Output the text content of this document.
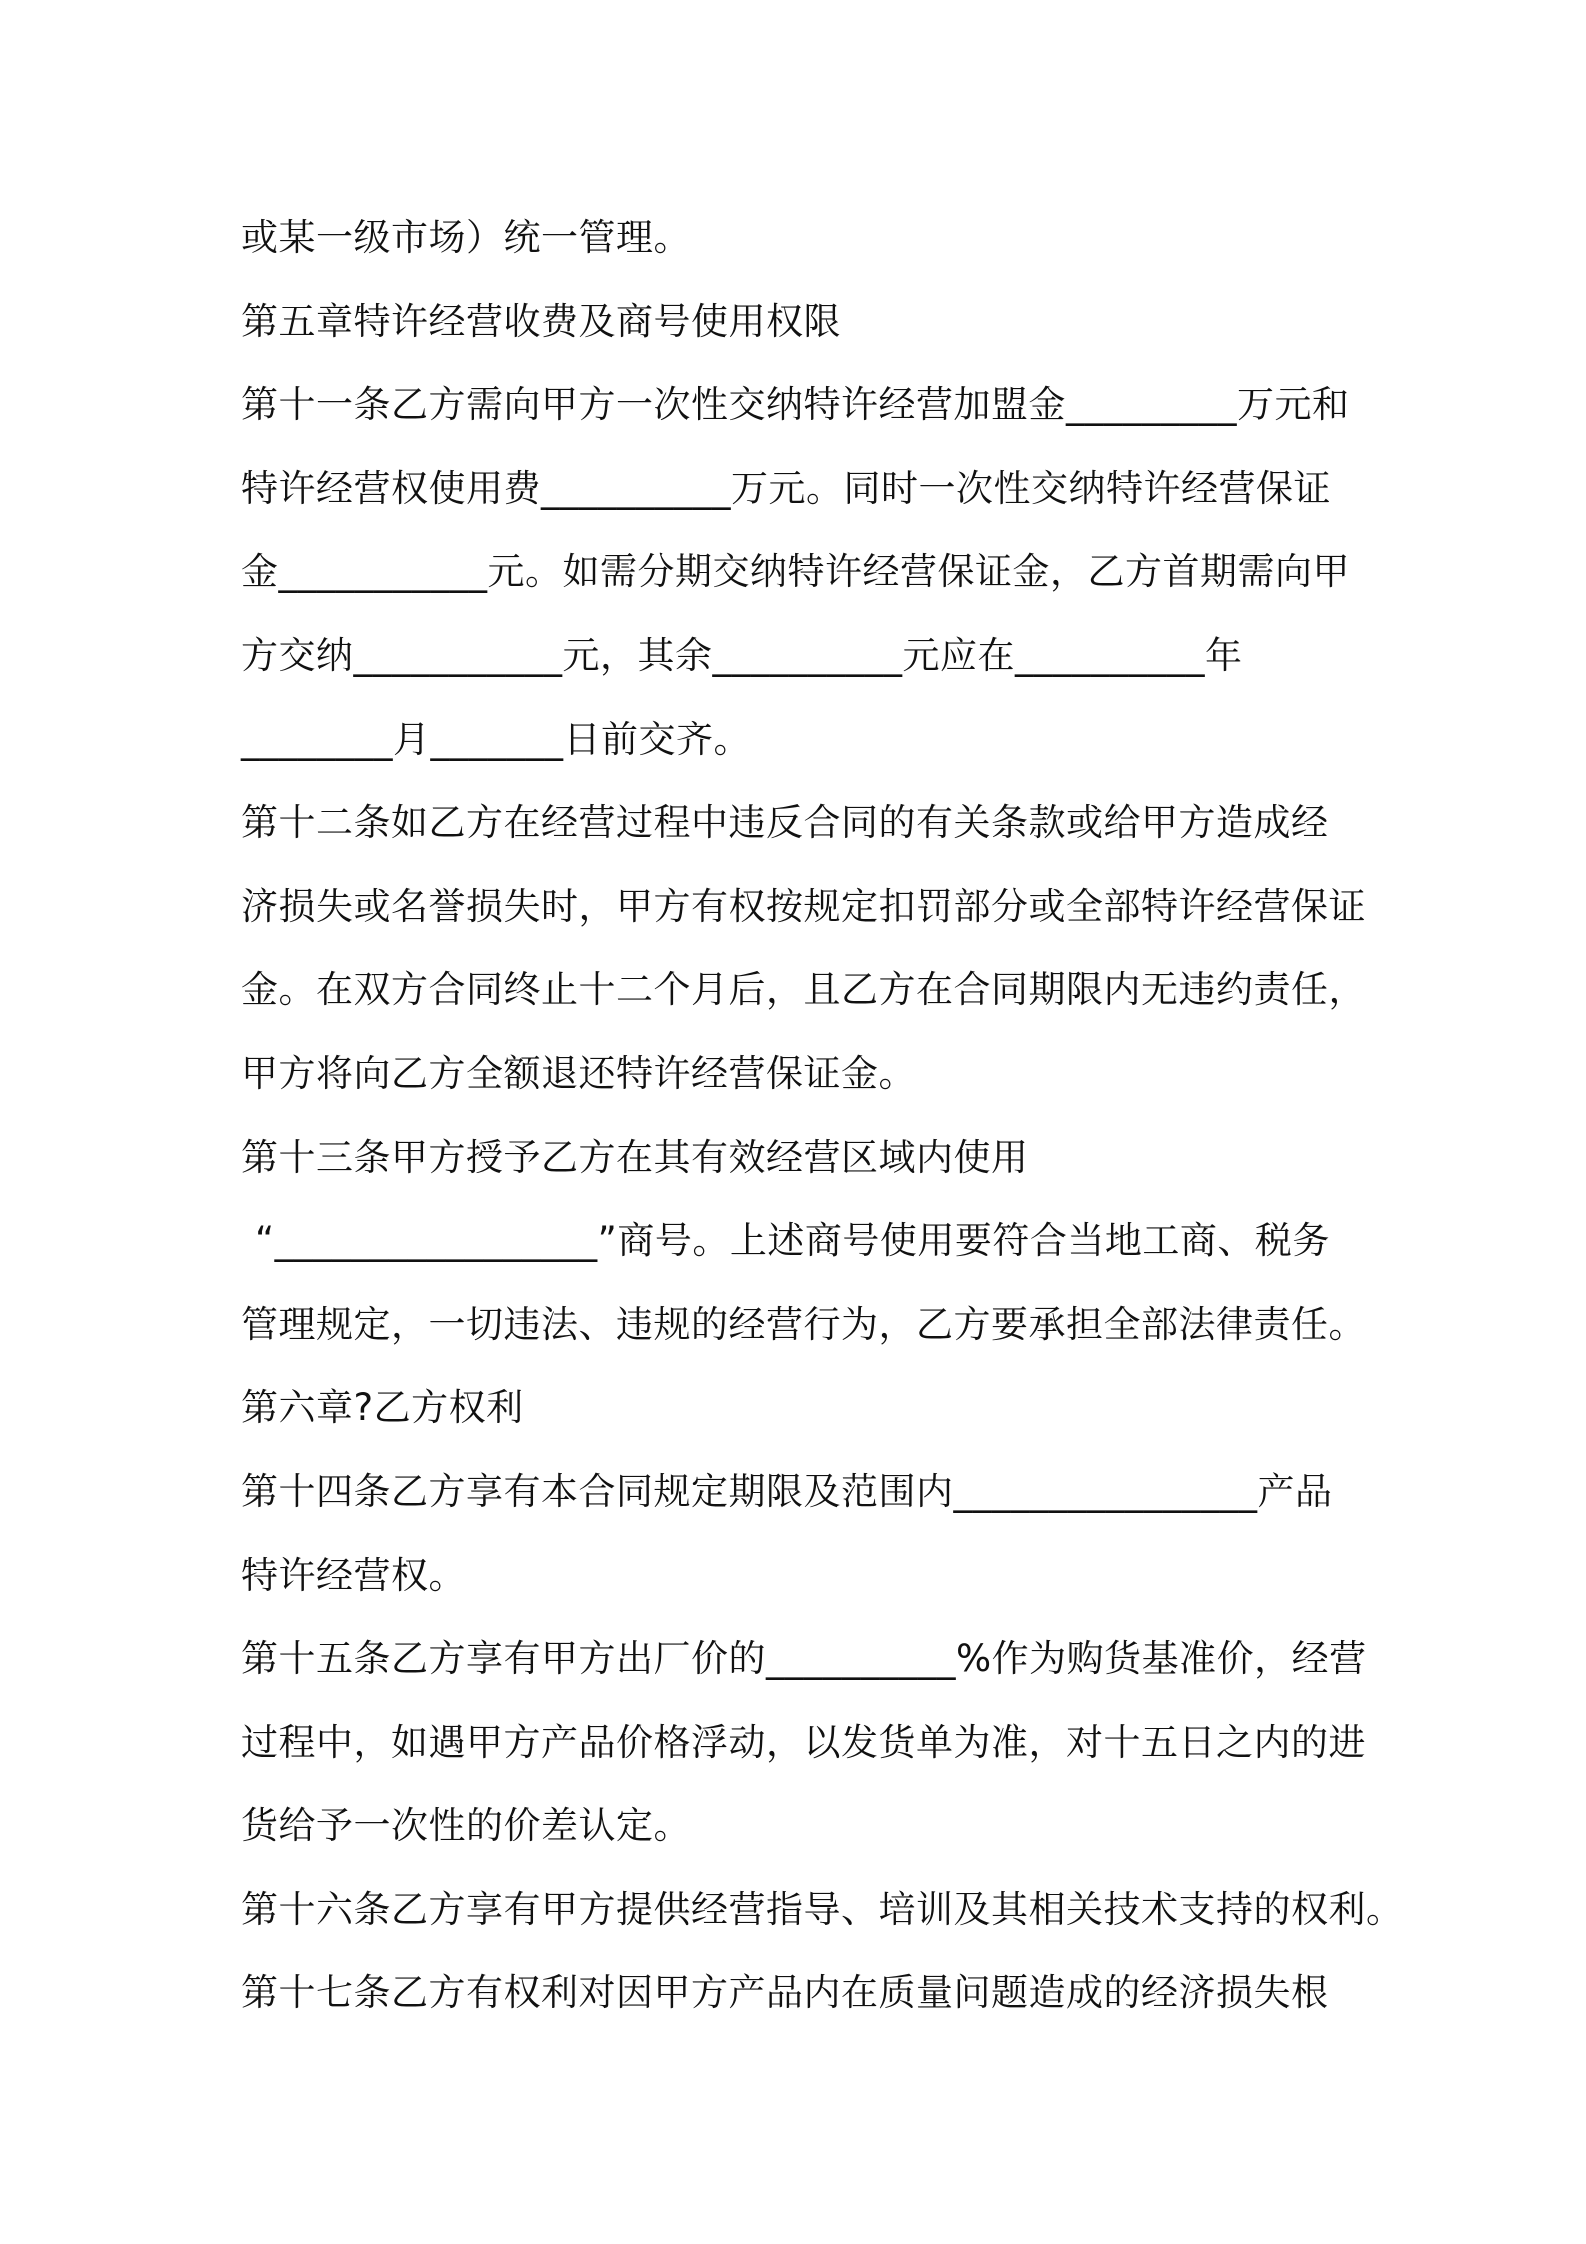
或某一级市场）统一管理。
第五章特许经营收费及商号使用权限
第十一条乙方需向甲方一次性交纳特许经营加盟金_________万元和
特许经营权使用费__________万元。同时一次性交纳特许经营保证
金___________元。如需分期交纳特许经营保证金，乙方首期需向甲
方交纳___________元，其余__________元应在__________年
________月_______日前交齐。
第十二条如乙方在经营过程中违反合同的有关条款或给甲方造成经
济损失或名誉损失时，甲方有权按规定扣罚部分或全部特许经营保证
金。在双方合同终止十二个月后，且乙方在合同期限内无违约责任，
甲方将向乙方全额退还特许经营保证金。
第十三条甲方授予乙方在其有效经营区域内使用
“_________________”商号。上述商号使用要符合当地工商、税务
管理规定，一切违法、违规的经营行为，乙方要承担全部法律责任。
第六章?乙方权利
第十四条乙方享有本合同规定期限及范围内________________产品
特许经营权。
第十五条乙方享有甲方出厂价的__________%作为购货基准价，经营
过程中，如遇甲方产品价格浮动，以发货单为准，对十五日之内的进
货给予一次性的价差认定。
第十六条乙方享有甲方提供经营指导、培训及其相关技术支持的权利。
第十七条乙方有权利对因甲方产品内在质量问题造成的经济损失根
